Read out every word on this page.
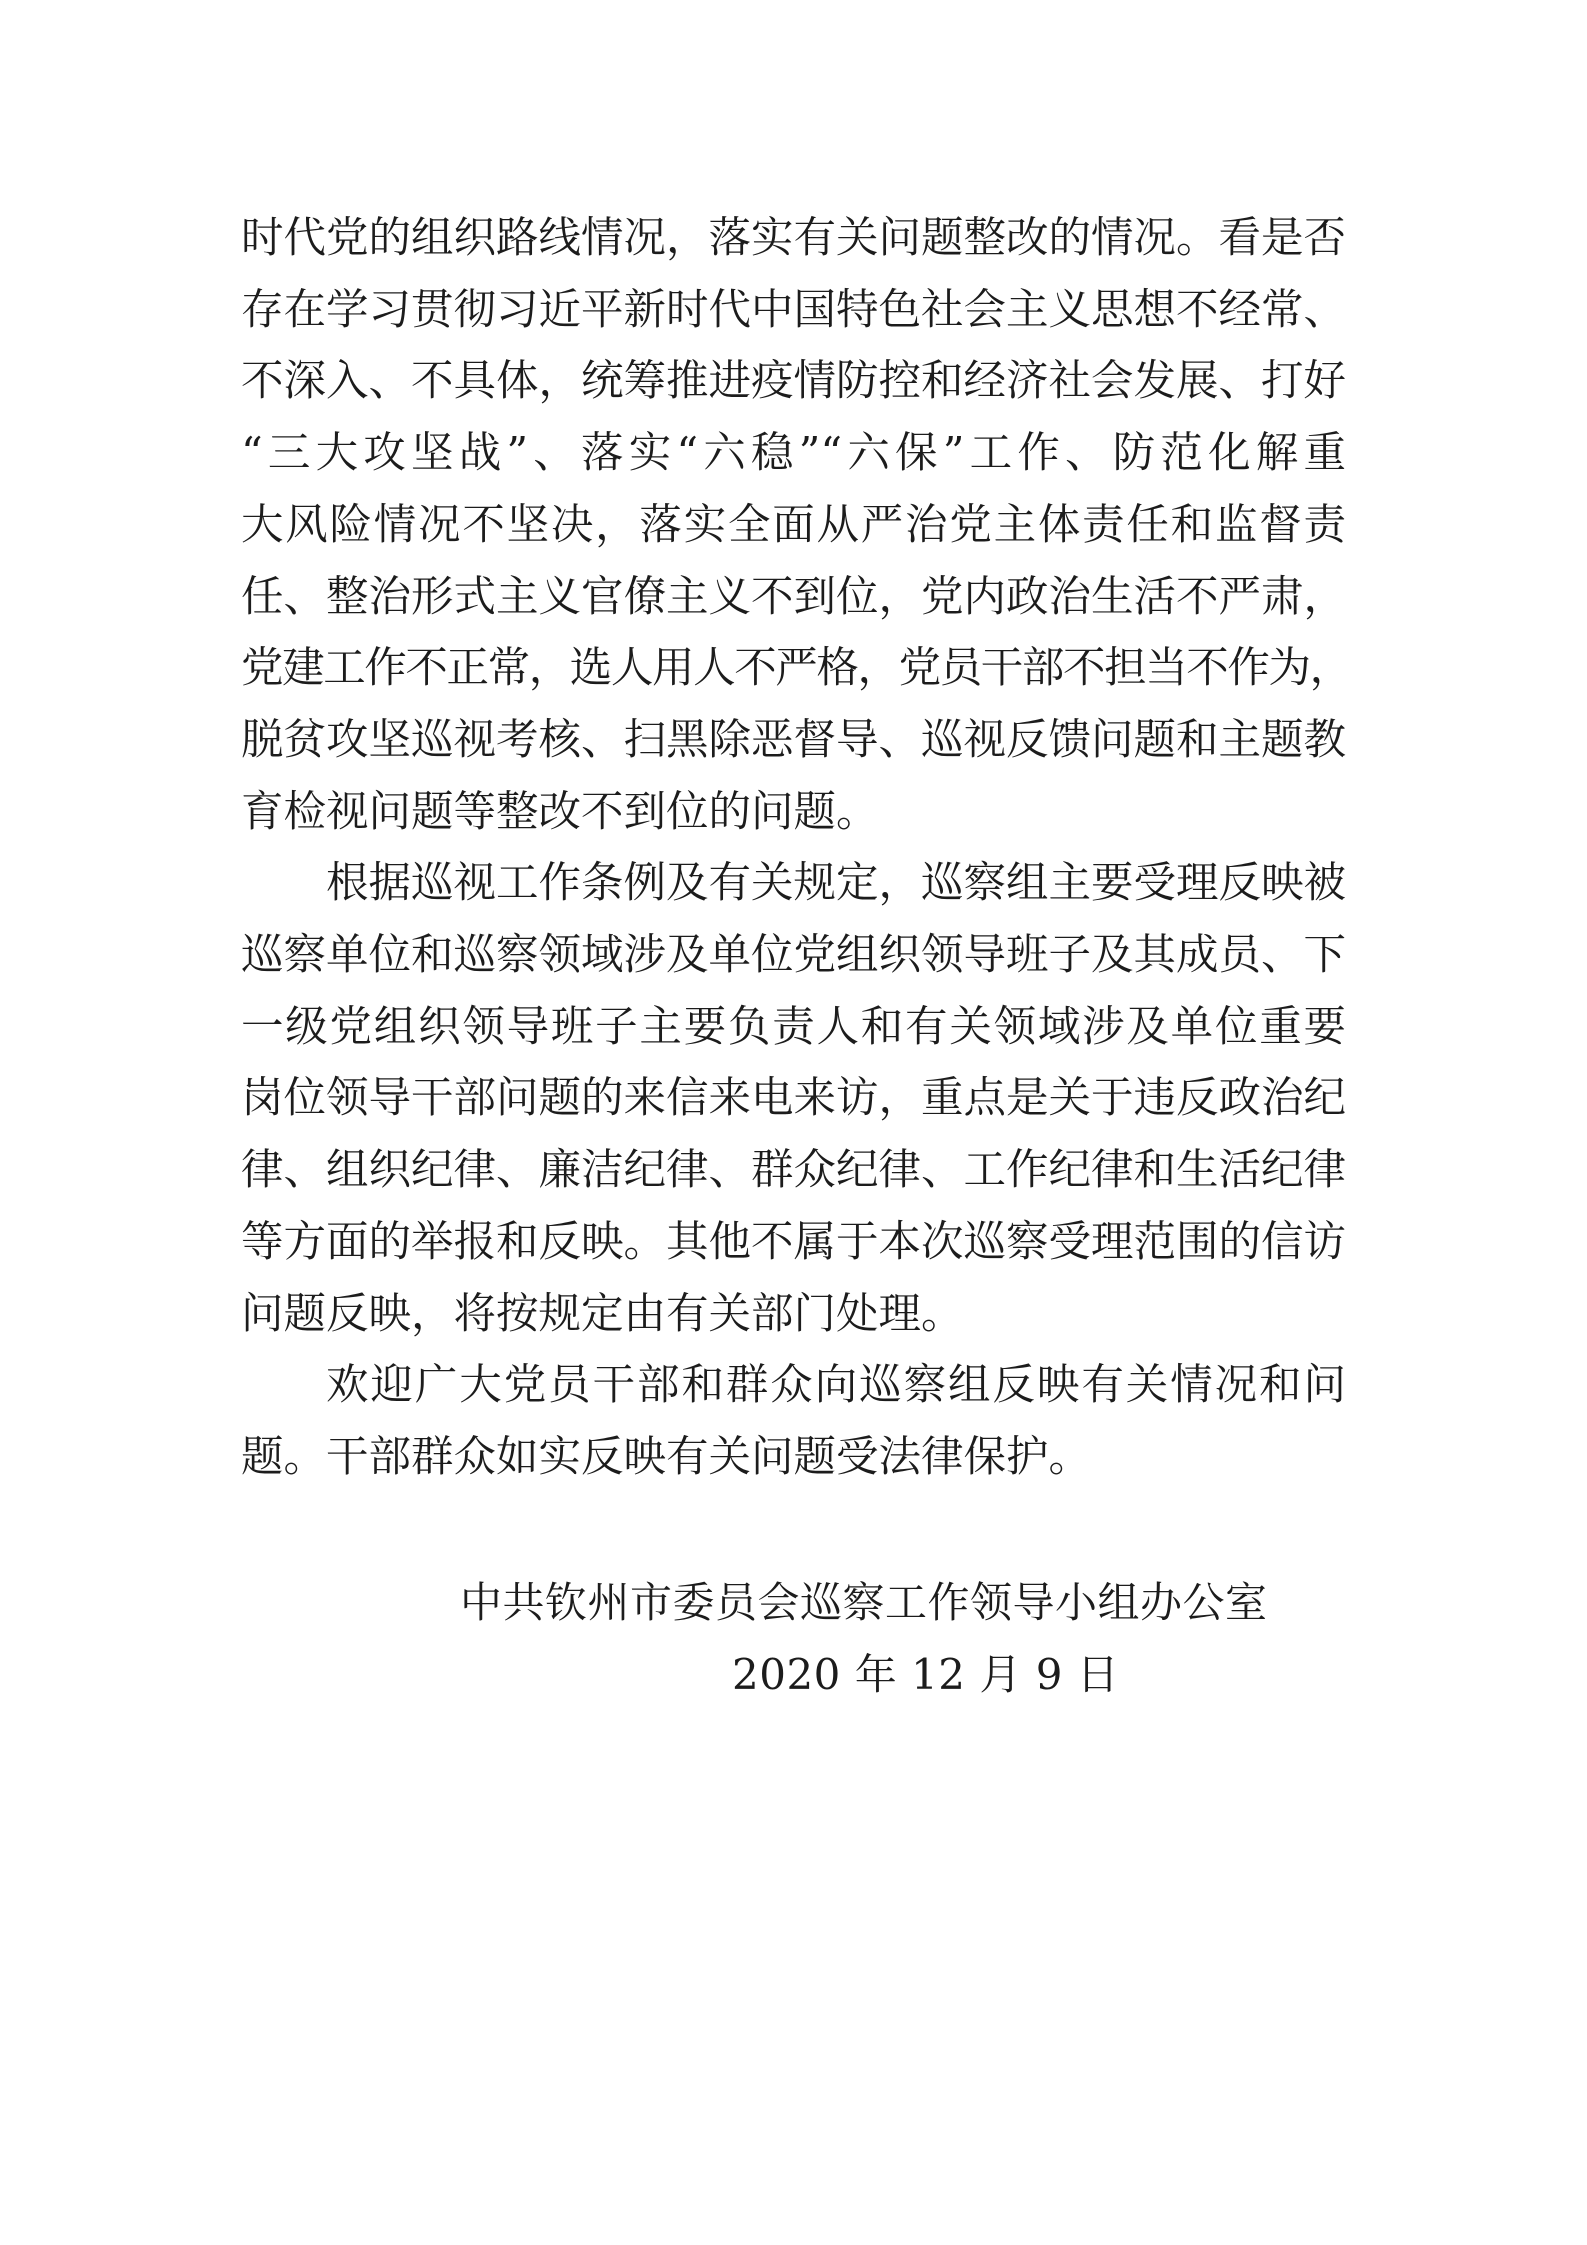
时代党的组织路线情况，落实有关问题整改的情况。看是否
存在学习贯彻习近平新时代中国特色社会主义思想不经常、
不深入、不具体，统筹推进疫情防控和经济社会发展、打好
“三大攻坚战”、落实“六稳”“六保”工作、防范化解重
大风险情况不坚决，落实全面从严治党主体责任和监督责
任、整治形式主义官僚主义不到位，党内政治生活不严肃，
党建工作不正常，选人用人不严格，党员干部不担当不作为，
脱贫攻坚巡视考核、扫黑除恶督导、巡视反馈问题和主题教
育检视问题等整改不到位的问题。
根据巡视工作条例及有关规定，巡察组主要受理反映被
巡察单位和巡察领域涉及单位党组织领导班子及其成员、下
一级党组织领导班子主要负责人和有关领域涉及单位重要
岗位领导干部问题的来信来电来访，重点是关于违反政治纪
律、组织纪律、廉洁纪律、群众纪律、工作纪律和生活纪律
等方面的举报和反映。其他不属于本次巡察受理范围的信访
问题反映，将按规定由有关部门处理。
欢迎广大党员干部和群众向巡察组反映有关情况和问
题。干部群众如实反映有关问题受法律保护。
中共钦州市委员会巡察工作领导小组办公室
2020 年 12 月 9 日
